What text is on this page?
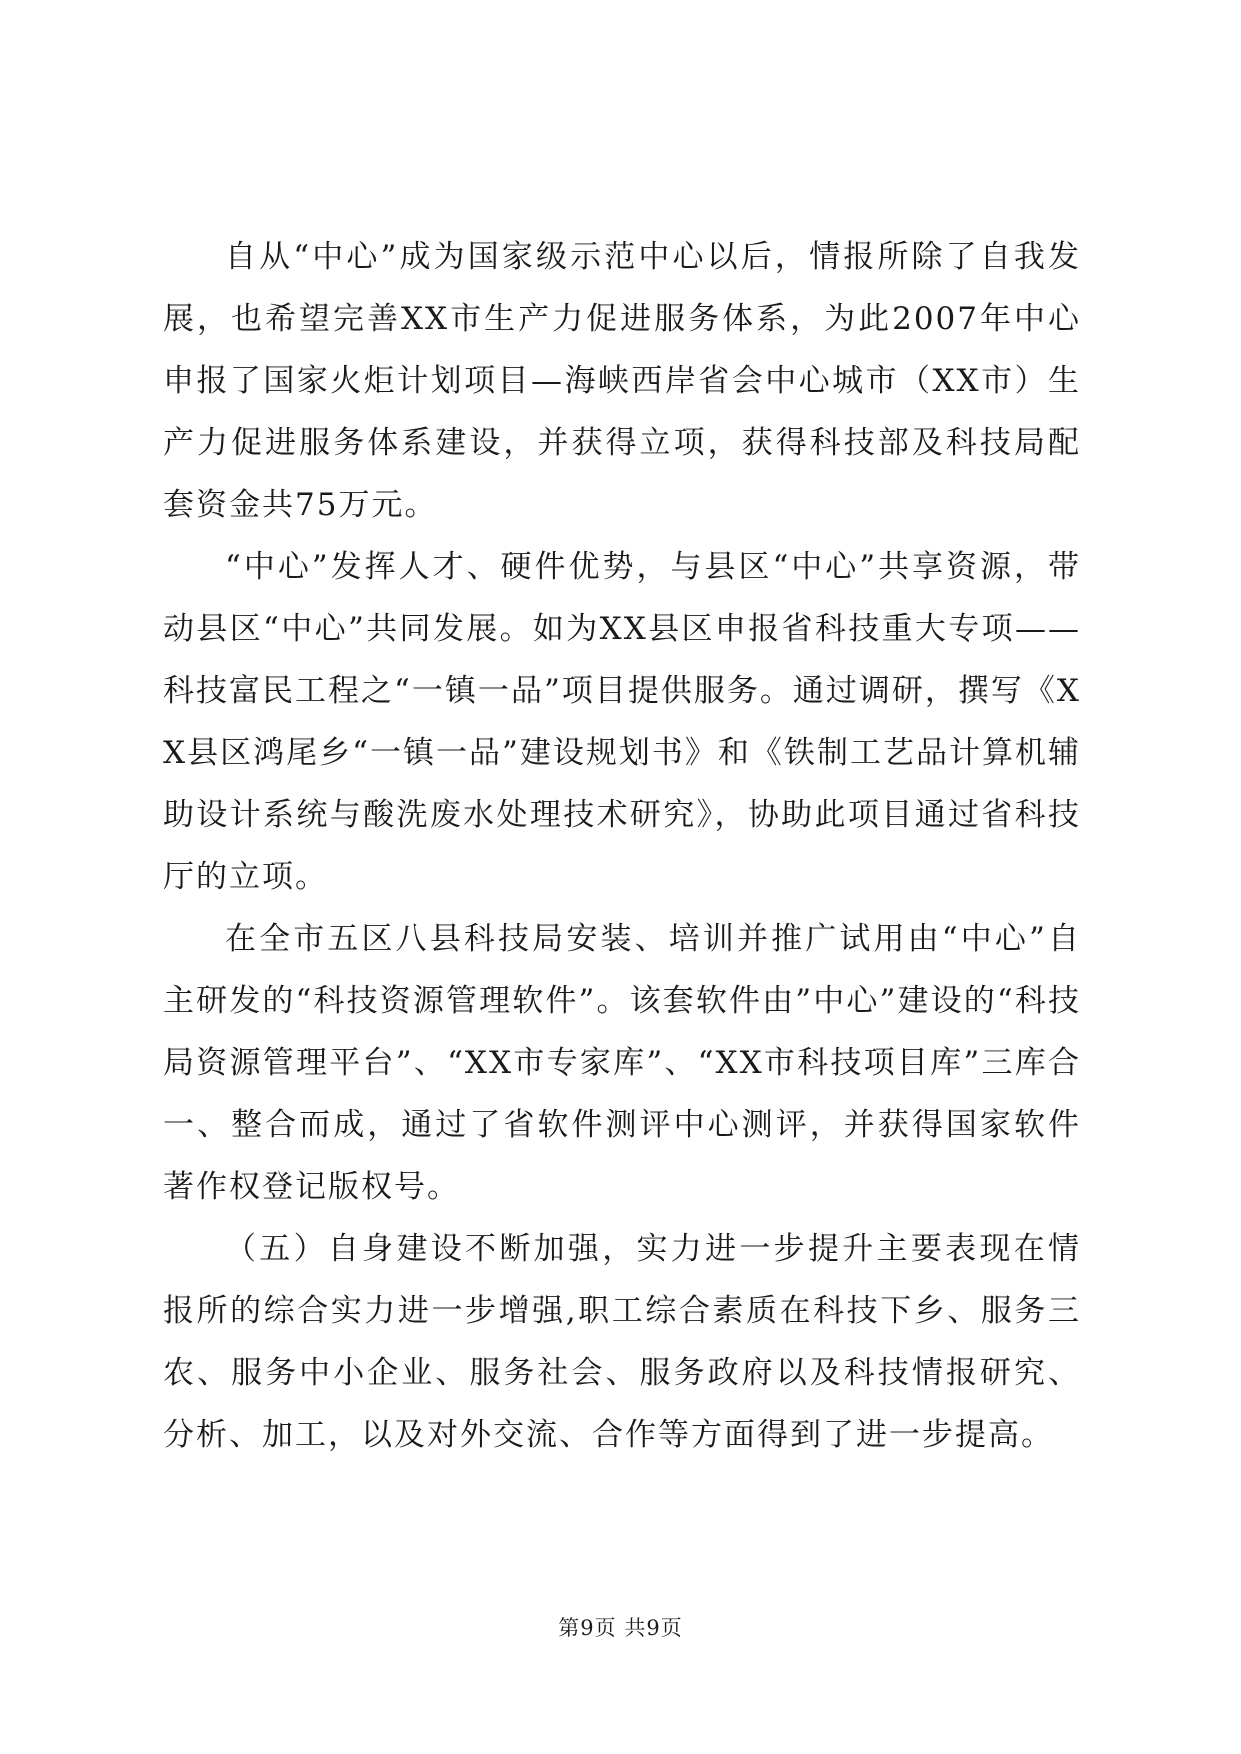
自从“中心”成为国家级示范中心以后，情报所除了自我发展，也希望完善XX市生产力促进服务体系，为此2007年中心申报了国家火炬计划项目—海峡西岸省会中心城市（XX市）生产力促进服务体系建设，并获得立项，获得科技部及科技局配套资金共75万元。

“中心”发挥人才、硬件优势，与县区“中心”共享资源，带动县区“中心”共同发展。如为XX县区申报省科技重大专项——科技富民工程之“一镇一品”项目提供服务。通过调研，撰写《XX县区鸿尾乡“一镇一品”建设规划书》和《铁制工艺品计算机辅助设计系统与酸洗废水处理技术研究》，协助此项目通过省科技厅的立项。

在全市五区八县科技局安装、培训并推广试用由“中心”自主研发的“科技资源管理软件”。该套软件由”中心”建设的“科技局资源管理平台”、“XX市专家库”、“XX市科技项目库”三库合一、整合而成，通过了省软件测评中心测评，并获得国家软件著作权登记版权号。

（五）自身建设不断加强，实力进一步提升主要表现在情报所的综合实力进一步增强,职工综合素质在科技下乡、服务三农、服务中小企业、服务社会、服务政府以及科技情报研究、分析、加工，以及对外交流、合作等方面得到了进一步提高。

第9页 共9页
